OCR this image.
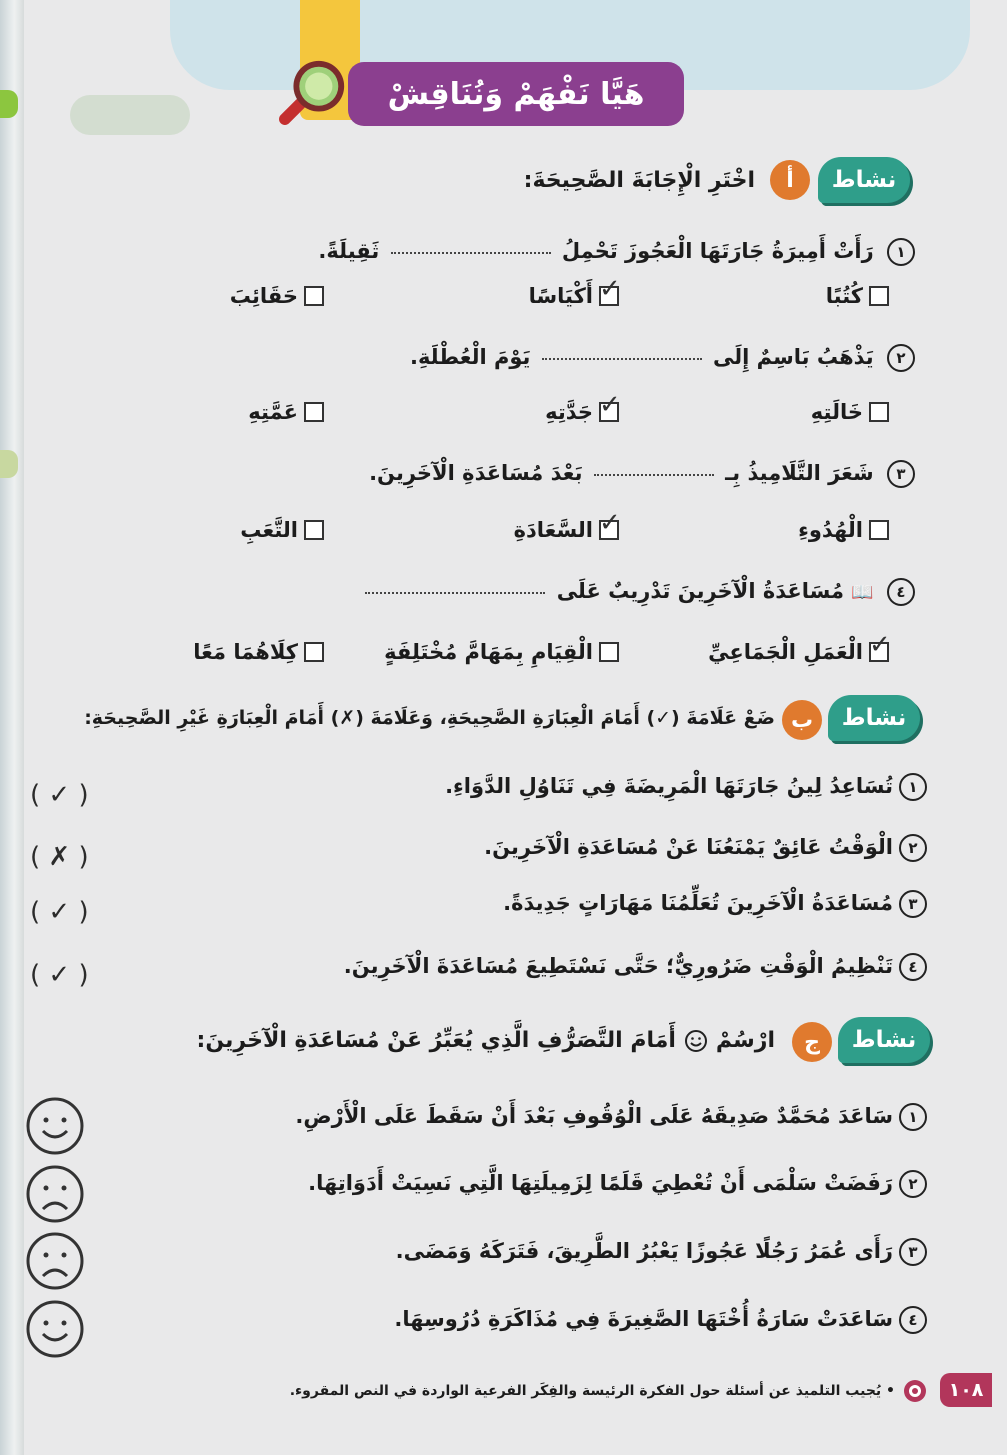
هَيَّا نَفْهَمْ وَنُنَاقِشْ
نشاط
أ
اخْتَرِ الْإِجَابَةَ الصَّحِيحَةَ:
١ رَأَتْ أَمِيرَةُ جَارَتَهَا الْعَجُوزَ تَحْمِلُ  ثَقِيلَةً.
كُتُبًا
✓
أَكْيَاسًا
حَقَائِبَ
٢ يَذْهَبُ بَاسِمٌ إِلَى  يَوْمَ الْعُطْلَةِ.
خَالَتِهِ
✓
جَدَّتِهِ
عَمَّتِهِ
٣ شَعَرَ التَّلَامِيذُ بِـ  بَعْدَ مُسَاعَدَةِ الْآخَرِينَ.
الْهُدُوءِ
✓
السَّعَادَةِ
التَّعَبِ
٤ 📖 مُسَاعَدَةُ الْآخَرِينَ تَدْرِيبٌ عَلَى
✓
الْعَمَلِ الْجَمَاعِيِّ
الْقِيَامِ بِمَهَامَّ مُخْتَلِفَةٍ
كِلَاهُمَا مَعًا
نشاط
ب
ضَعْ عَلَامَةَ (✓) أَمَامَ الْعِبَارَةِ الصَّحِيحَةِ، وَعَلَامَةَ (✗) أَمَامَ الْعِبَارَةِ غَيْرِ الصَّحِيحَةِ:
١تُسَاعِدُ لِينُ جَارَتَهَا الْمَرِيضَةَ فِي تَنَاوُلِ الدَّوَاءِ.
( ✓ )
٢الْوَقْتُ عَائِقٌ يَمْنَعُنَا عَنْ مُسَاعَدَةِ الْآخَرِينَ.
( ✗ )
٣مُسَاعَدَةُ الْآخَرِينَ تُعَلِّمُنَا مَهَارَاتٍ جَدِيدَةً.
( ✓ )
٤تَنْظِيمُ الْوَقْتِ ضَرُورِيٌّ؛ حَتَّى نَسْتَطِيعَ مُسَاعَدَةَ الْآخَرِينَ.
( ✓ )
نشاط
ج
ارْسُمْ
أَمَامَ التَّصَرُّفِ الَّذِي يُعَبِّرُ عَنْ مُسَاعَدَةِ الْآخَرِينَ:
١سَاعَدَ مُحَمَّدٌ صَدِيقَهُ عَلَى الْوُقُوفِ بَعْدَ أَنْ سَقَطَ عَلَى الْأَرْضِ.
٢رَفَضَتْ سَلْمَى أَنْ تُعْطِيَ قَلَمًا لِزَمِيلَتِهَا الَّتِي نَسِيَتْ أَدَوَاتِهَا.
٣رَأَى عُمَرُ رَجُلًا عَجُوزًا يَعْبُرُ الطَّرِيقَ، فَتَرَكَهُ وَمَضَى.
٤سَاعَدَتْ سَارَةُ أُخْتَهَا الصَّغِيرَةَ فِي مُذَاكَرَةِ دُرُوسِهَا.
١٠٨
• يُجيب التلميذ عن أسئلة حول الفكرة الرئيسة والفِكَر الفرعية الواردة في النص المقروء.
